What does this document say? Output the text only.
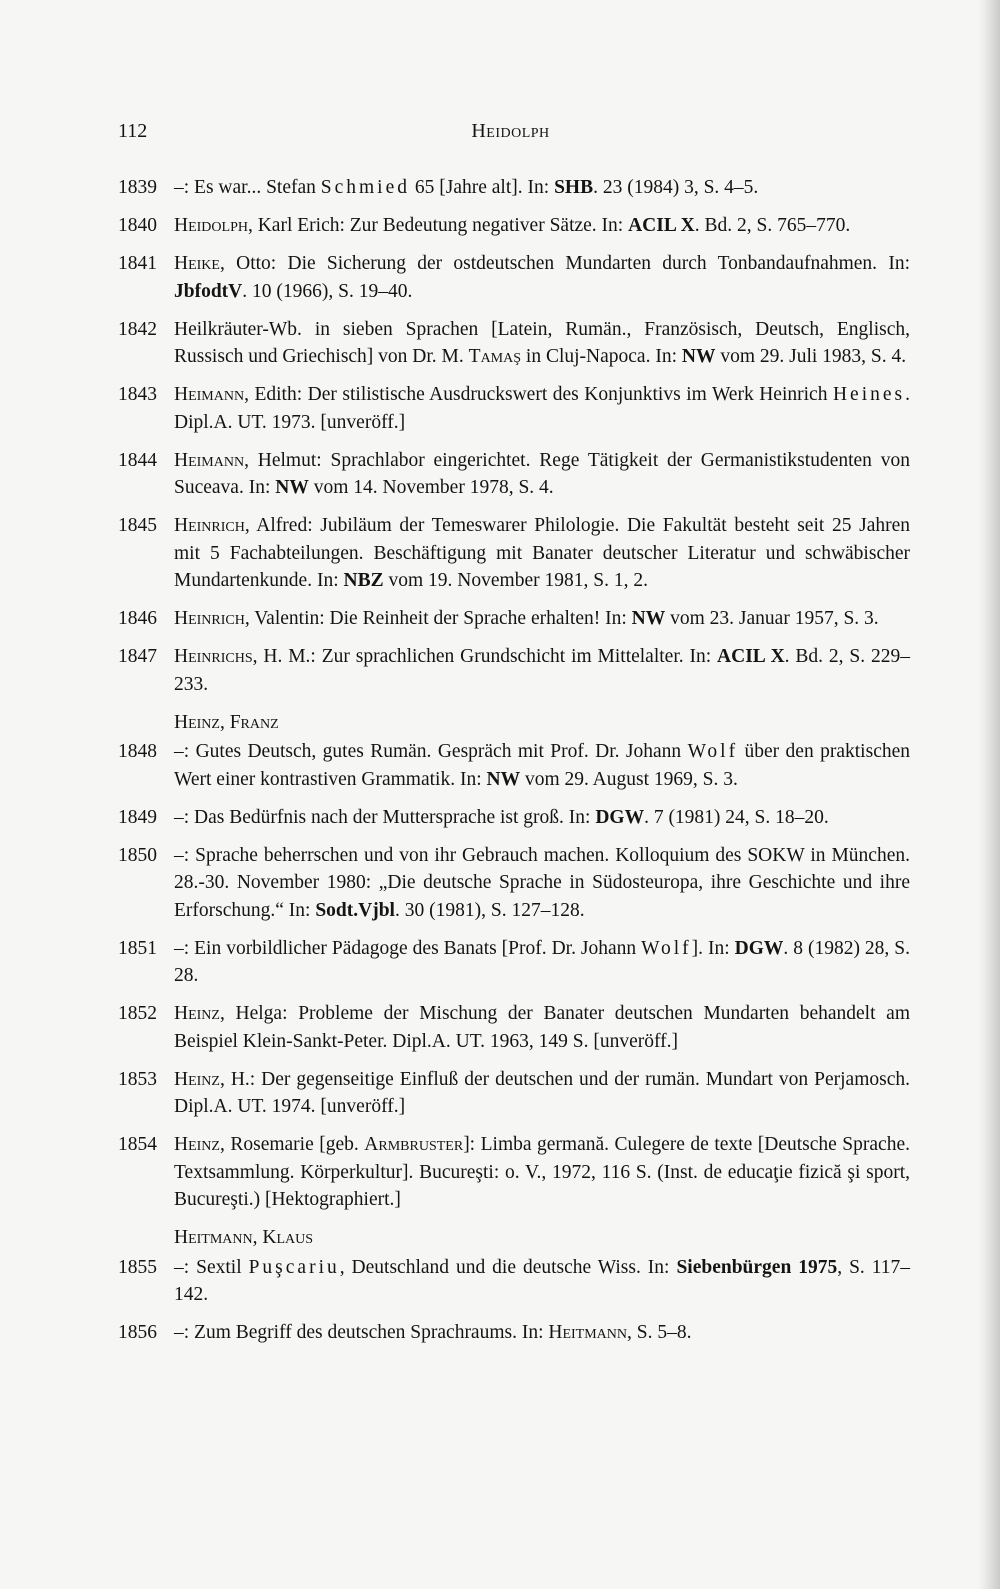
112	Heidolph
1839 –: Es war... Stefan Schmied 65 [Jahre alt]. In: SHB. 23 (1984) 3, S. 4–5.
1840 Heidolph, Karl Erich: Zur Bedeutung negativer Sätze. In: ACIL X. Bd. 2, S. 765–770.
1841 Heike, Otto: Die Sicherung der ostdeutschen Mundarten durch Tonbandaufnahmen. In: JbfodtV. 10 (1966), S. 19–40.
1842 Heilkräuter-Wb. in sieben Sprachen [Latein, Rumän., Französisch, Deutsch, Englisch, Russisch und Griechisch] von Dr. M. Tamaş in Cluj-Napoca. In: NW vom 29. Juli 1983, S. 4.
1843 Heimann, Edith: Der stilistische Ausdruckswert des Konjunktivs im Werk Heinrich Heines. Dipl.A. UT. 1973. [unveröff.]
1844 Heimann, Helmut: Sprachlabor eingerichtet. Rege Tätigkeit der Germanistikstudenten von Suceava. In: NW vom 14. November 1978, S. 4.
1845 Heinrich, Alfred: Jubiläum der Temeswarer Philologie. Die Fakultät besteht seit 25 Jahren mit 5 Fachabteilungen. Beschäftigung mit Banater deutscher Literatur und schwäbischer Mundartenkunde. In: NBZ vom 19. November 1981, S. 1, 2.
1846 Heinrich, Valentin: Die Reinheit der Sprache erhalten! In: NW vom 23. Januar 1957, S. 3.
1847 Heinrichs, H. M.: Zur sprachlichen Grundschicht im Mittelalter. In: ACIL X. Bd. 2, S. 229–233.
Heinz, Franz
1848 –: Gutes Deutsch, gutes Rumän. Gespräch mit Prof. Dr. Johann Wolf über den praktischen Wert einer kontrastiven Grammatik. In: NW vom 29. August 1969, S. 3.
1849 –: Das Bedürfnis nach der Muttersprache ist groß. In: DGW. 7 (1981) 24, S. 18–20.
1850 –: Sprache beherrschen und von ihr Gebrauch machen. Kolloquium des SOKW in München. 28.-30. November 1980: „Die deutsche Sprache in Südosteuropa, ihre Geschichte und ihre Erforschung.“ In: Sodt.Vjbl. 30 (1981), S. 127–128.
1851 –: Ein vorbildlicher Pädagoge des Banats [Prof. Dr. Johann Wolf]. In: DGW. 8 (1982) 28, S. 28.
1852 Heinz, Helga: Probleme der Mischung der Banater deutschen Mundarten behandelt am Beispiel Klein-Sankt-Peter. Dipl.A. UT. 1963, 149 S. [unveröff.]
1853 Heinz, H.: Der gegenseitige Einfluß der deutschen und der rumän. Mundart von Perjamosch. Dipl.A. UT. 1974. [unveröff.]
1854 Heinz, Rosemarie [geb. Armbruster]: Limba germană. Culegere de texte [Deutsche Sprache. Textsammlung. Körperkultur]. Bucureşti: o. V., 1972, 116 S. (Inst. de educaţie fizică şi sport, Bucureşti.) [Hektographiert.]
Heitmann, Klaus
1855 –: Sextil Puşcariu, Deutschland und die deutsche Wiss. In: Siebenbürgen 1975, S. 117–142.
1856 –: Zum Begriff des deutschen Sprachraums. In: Heitmann, S. 5–8.
